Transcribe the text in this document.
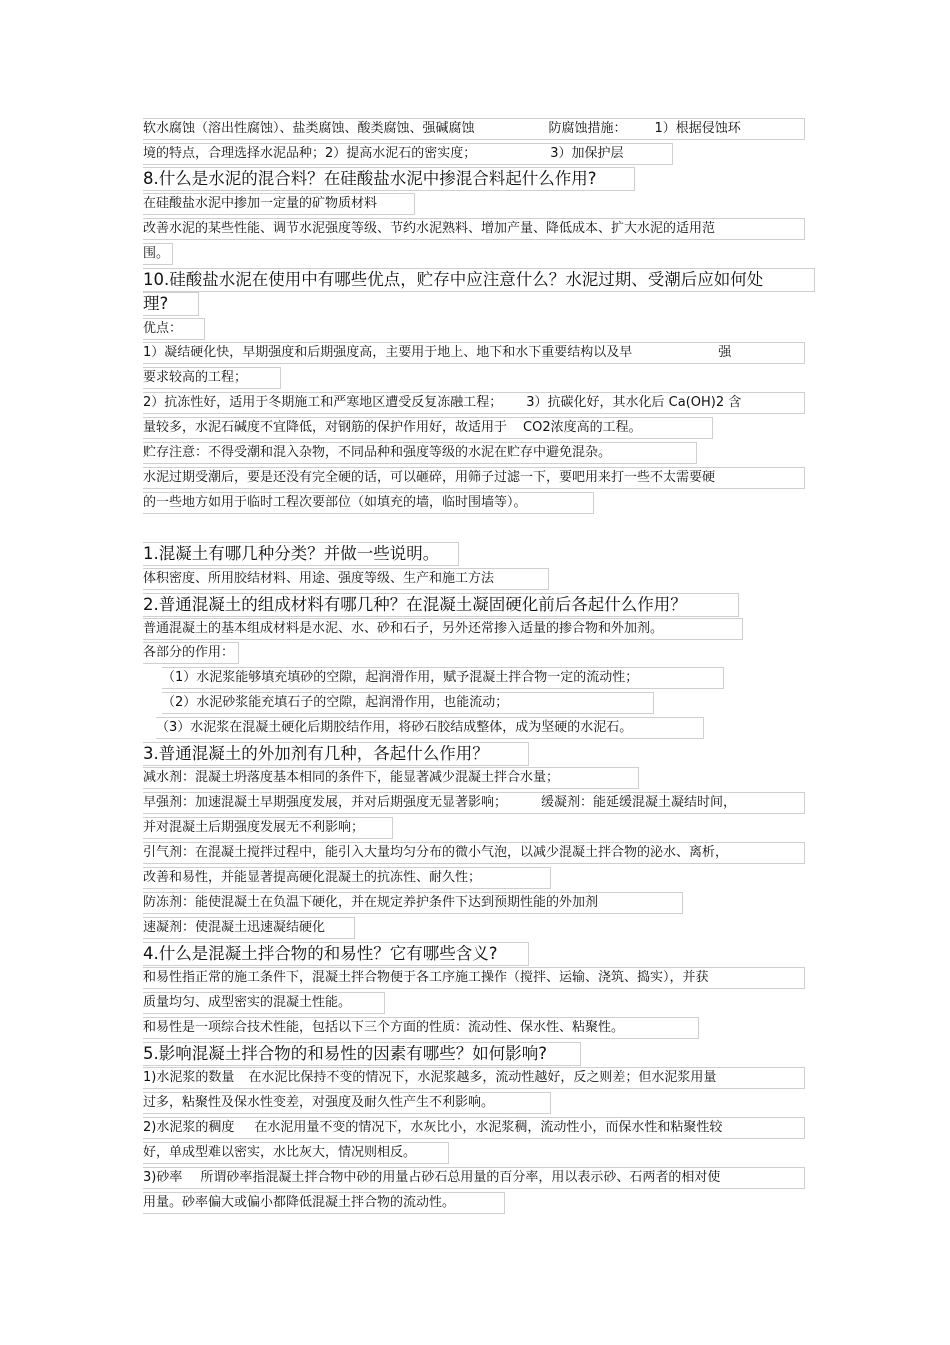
软水腐蚀（溶出性腐蚀）、盐类腐蚀、酸类腐蚀、强碱腐蚀	防腐蚀措施： 1）根据侵蚀环
境的特点，合理选择水泥品种；2）提高水泥石的密实度；	3）加保护层
8.什么是水泥的混合料？在硅酸盐水泥中掺混合料起什么作用?
在硅酸盐水泥中掺加一定量的矿物质材料
改善水泥的某些性能、调节水泥强度等级、节约水泥熟料、增加产量、降低成本、扩大水泥的适用范
围。
10.硅酸盐水泥在使用中有哪些优点，贮存中应注意什么？水泥过期、受潮后应如何处
理?
优点：
1）凝结硬化快，早期强度和后期强度高，主要用于地上、地下和水下重要结构以及早	强
要求较高的工程；
2）抗冻性好，适用于冬期施工和严寒地区遭受反复冻融工程； 3）抗碳化好，其水化后 Ca(OH)2 含
量较多，水泥石碱度不宜降低，对钢筋的保护作用好，故适用于 CO2浓度高的工程。
贮存注意：不得受潮和混入杂物，不同品种和强度等级的水泥在贮存中避免混杂。
水泥过期受潮后，要是还没有完全硬的话，可以砸碎，用筛子过滤一下，要吧用来打一些不太需要硬
的一些地方如用于临时工程次要部位（如填充的墙，临时围墙等）。
1.混凝土有哪几种分类？并做一些说明。
体积密度、所用胶结材料、用途、强度等级、生产和施工方法
2.普通混凝土的组成材料有哪几种？在混凝土凝固硬化前后各起什么作用？
普通混凝土的基本组成材料是水泥、水、砂和石子，另外还常掺入适量的掺合物和外加剂。
各部分的作用：
（1）水泥浆能够填充填砂的空隙，起润滑作用，赋予混凝土拌合物一定的流动性；
（2）水泥砂浆能充填石子的空隙，起润滑作用，也能流动；
（3）水泥浆在混凝土硬化后期胶结作用，将砂石胶结成整体，成为坚硬的水泥石。
3.普通混凝土的外加剂有几种，各起什么作用？
减水剂：混凝土坍落度基本相同的条件下，能显著减少混凝土拌合水量；
早强剂：加速混凝土早期强度发展，并对后期强度无显著影响；	缓凝剂：能延缓混凝土凝结时间，
并对混凝土后期强度发展无不利影响；
引气剂：在混凝土搅拌过程中，能引入大量均匀分布的微小气泡，以减少混凝土拌合物的泌水、离析，
改善和易性，并能显著提高硬化混凝土的抗冻性、耐久性；
防冻剂：能使混凝土在负温下硬化，并在规定养护条件下达到预期性能的外加剂
速凝剂：使混凝土迅速凝结硬化
4.什么是混凝土拌合物的和易性？它有哪些含义?
和易性指正常的施工条件下，混凝土拌合物便于各工序施工操作（搅拌、运输、浇筑、捣实），并获
质量均匀、成型密实的混凝土性能。
和易性是一项综合技术性能，包括以下三个方面的性质：流动性、保水性、粘聚性。
5.影响混凝土拌合物的和易性的因素有哪些？如何影响?
1)水泥浆的数量 在水泥比保持不变的情况下，水泥浆越多，流动性越好，反之则差；但水泥浆用量
过多，粘聚性及保水性变差，对强度及耐久性产生不利影响。
2)水泥浆的稠度 在水泥用量不变的情况下，水灰比小，水泥浆稠，流动性小，而保水性和粘聚性较
好，单成型难以密实，水比灰大，情况则相反。
3)砂率 所谓砂率指混凝土拌合物中砂的用量占砂石总用量的百分率，用以表示砂、石两者的相对使
用量。砂率偏大或偏小都降低混凝土拌合物的流动性。
